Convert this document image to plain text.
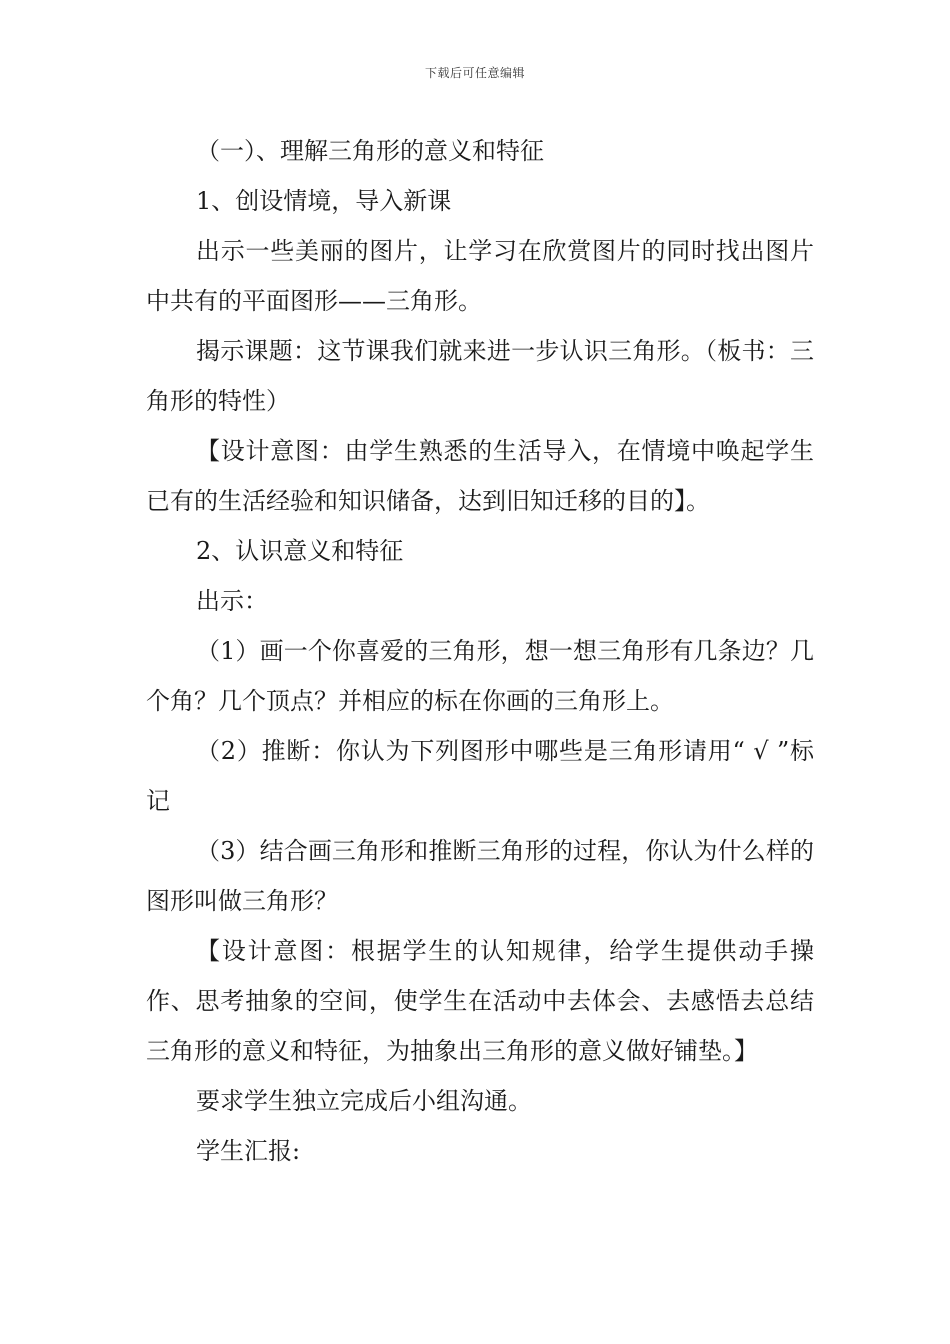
下载后可任意编辑

（一）、理解三角形的意义和特征

1、创设情境，导入新课

出示一些美丽的图片，让学习在欣赏图片的同时找出图片中共有的平面图形——三角形。

揭示课题：这节课我们就来进一步认识三角形。（板书：三角形的特性）

【设计意图：由学生熟悉的生活导入，在情境中唤起学生已有的生活经验和知识储备，达到旧知迁移的目的】。

2、认识意义和特征

出示：

（1）画一个你喜爱的三角形，想一想三角形有几条边？几个角？几个顶点？并相应的标在你画的三角形上。

（2）推断：你认为下列图形中哪些是三角形请用“ √ ”标记

（3）结合画三角形和推断三角形的过程，你认为什么样的图形叫做三角形？

【设计意图：根据学生的认知规律，给学生提供动手操作、思考抽象的空间，使学生在活动中去体会、去感悟去总结三角形的意义和特征，为抽象出三角形的意义做好铺垫。】

要求学生独立完成后小组沟通。

学生汇报:
